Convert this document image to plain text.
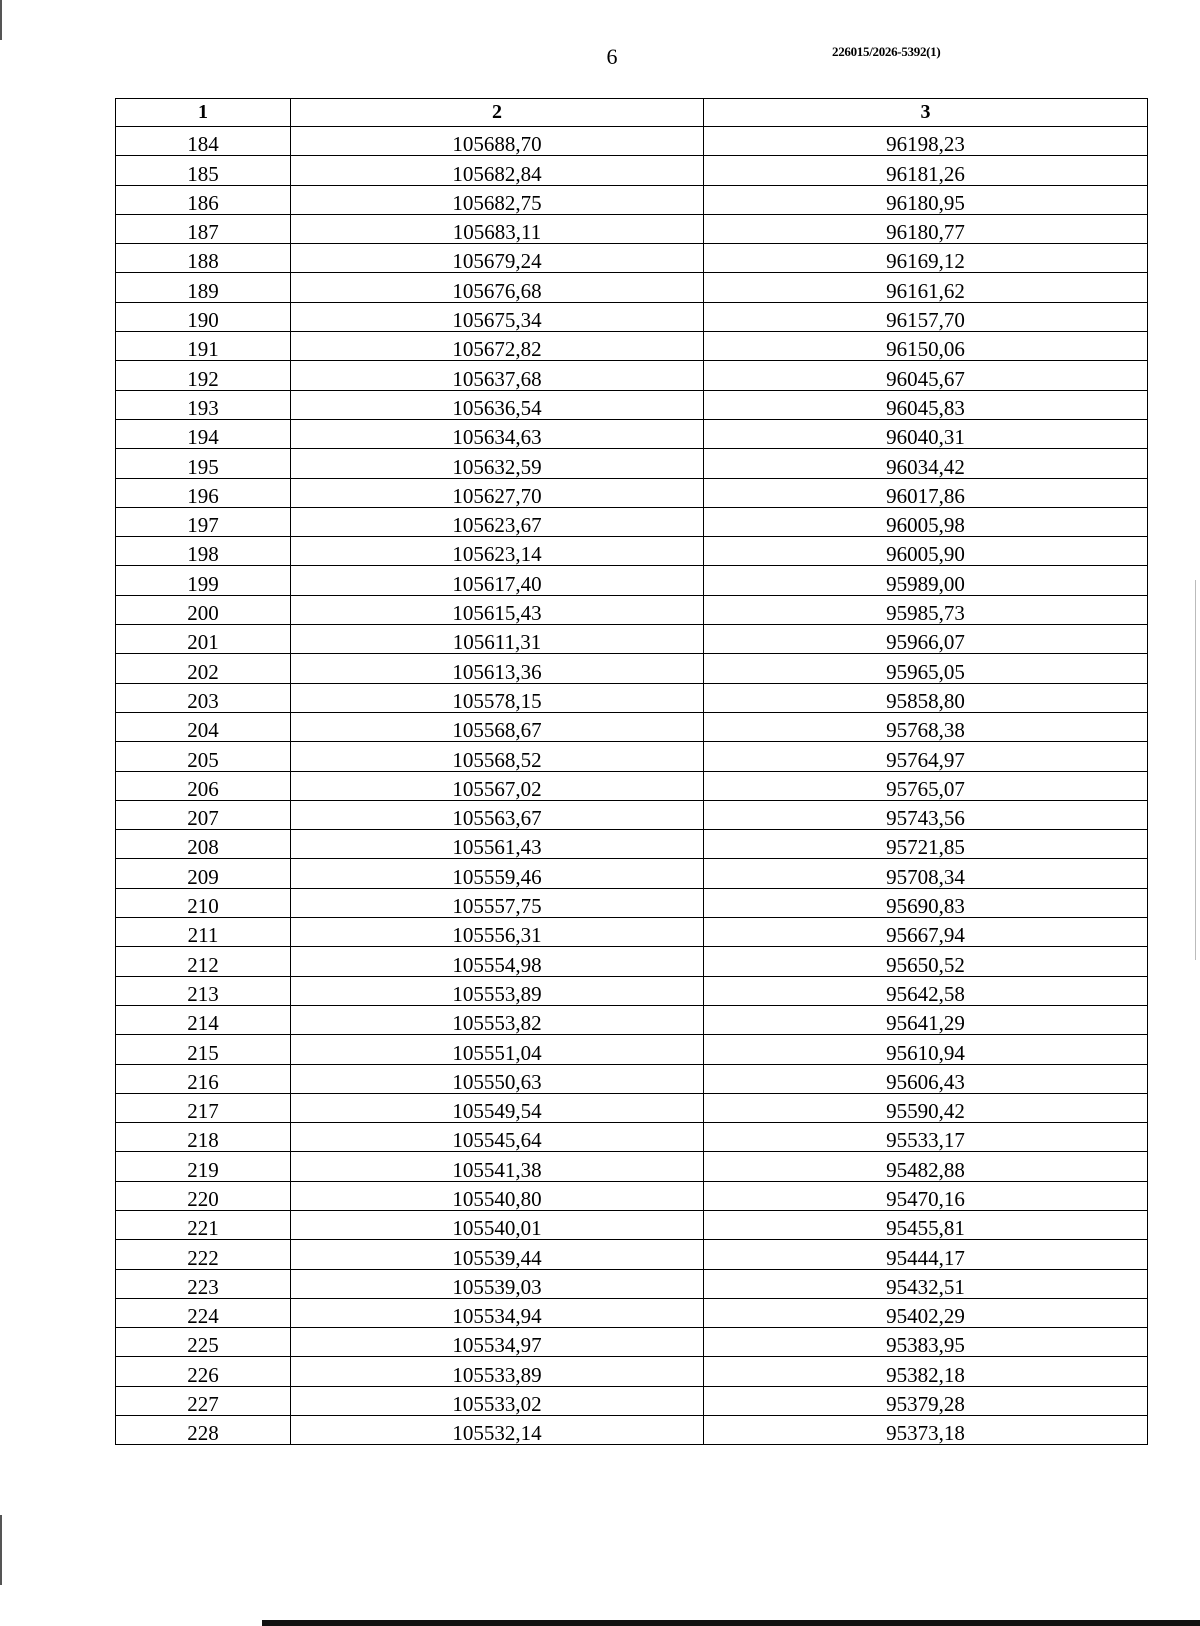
6	226015/2026-5392(1)
1	2	3
184	105688,70	96198,23
185	105682,84	96181,26
186	105682,75	96180,95
187	105683,11	96180,77
188	105679,24	96169,12
189	105676,68	96161,62
190	105675,34	96157,70
191	105672,82	96150,06
192	105637,68	96045,67
193	105636,54	96045,83
194	105634,63	96040,31
195	105632,59	96034,42
196	105627,70	96017,86
197	105623,67	96005,98
198	105623,14	96005,90
199	105617,40	95989,00
200	105615,43	95985,73
201	105611,31	95966,07
202	105613,36	95965,05
203	105578,15	95858,80
204	105568,67	95768,38
205	105568,52	95764,97
206	105567,02	95765,07
207	105563,67	95743,56
208	105561,43	95721,85
209	105559,46	95708,34
210	105557,75	95690,83
211	105556,31	95667,94
212	105554,98	95650,52
213	105553,89	95642,58
214	105553,82	95641,29
215	105551,04	95610,94
216	105550,63	95606,43
217	105549,54	95590,42
218	105545,64	95533,17
219	105541,38	95482,88
220	105540,80	95470,16
221	105540,01	95455,81
222	105539,44	95444,17
223	105539,03	95432,51
224	105534,94	95402,29
225	105534,97	95383,95
226	105533,89	95382,18
227	105533,02	95379,28
228	105532,14	95373,18
